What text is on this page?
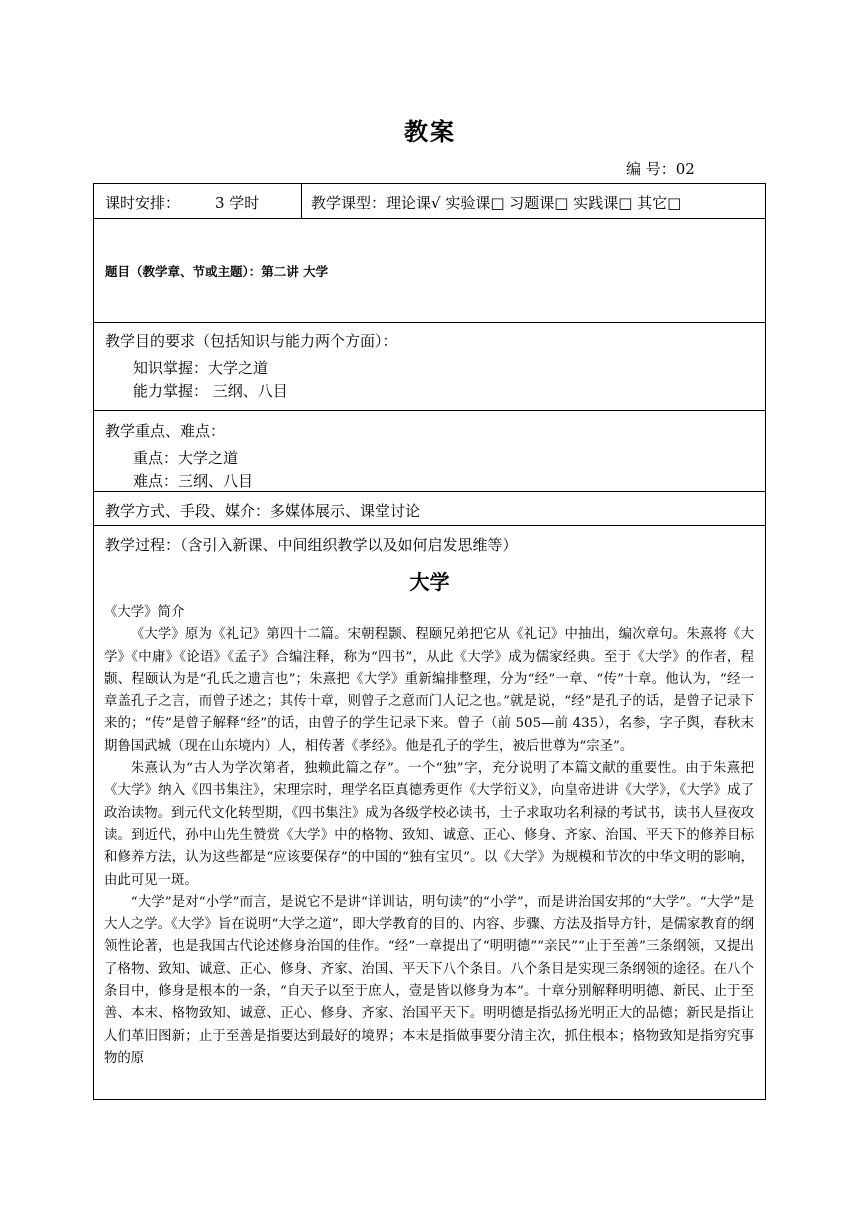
教案
编 号：02
课时安排： 3 学时	教学课型：理论课√ 实验课□ 习题课□ 实践课□ 其它□
题目（教学章、节或主题）：第二讲 大学
教学目的要求（包括知识与能力两个方面）：
知识掌握：大学之道
能力掌握： 三纲、八目
教学重点、难点：
重点：大学之道
难点：三纲、八目
教学方式、手段、媒介：多媒体展示、课堂讨论
教学过程：（含引入新课、中间组织教学以及如何启发思维等）
大学

《大学》简介

《大学》原为《礼记》第四十二篇。宋朝程颢、程颐兄弟把它从《礼记》中抽出，编次章句。朱熹将《大学》《中庸》《论语》《孟子》合编注释，称为“四书”，从此《大学》成为儒家经典。至于《大学》的作者，程颢、程颐认为是“孔氏之遗言也”；朱熹把《大学》重新编排整理，分为“经”一章、“传”十章。他认为，“经一章盖孔子之言，而曾子述之；其传十章，则曾子之意而门人记之也。”就是说，“经”是孔子的话，是曾子记录下来的；“传”是曾子解释“经”的话，由曾子的学生记录下来。曾子（前 505—前 435），名参，字子舆，春秋末期鲁国武城（现在山东境内）人，相传著《孝经》。他是孔子的学生，被后世尊为“宗圣”。

朱熹认为“古人为学次第者，独赖此篇之存”。一个“独”字，充分说明了本篇文献的重要性。由于朱熹把《大学》纳入《四书集注》，宋理宗时，理学名臣真德秀更作《大学衍义》，向皇帝进讲《大学》，《大学》成了政治读物。到元代文化转型期，《四书集注》成为各级学校必读书，士子求取功名利禄的考试书，读书人昼夜攻读。到近代，孙中山先生赞赏《大学》中的格物、致知、诚意、正心、修身、齐家、治国、平天下的修养目标和修养方法，认为这些都是“应该要保存”的中国的“独有宝贝”。以《大学》为规模和节次的中华文明的影响，由此可见一斑。

“大学”是对“小学”而言，是说它不是讲“详训诂，明句读”的“小学”，而是讲治国安邦的“大学”。“大学”是大人之学。《大学》旨在说明“大学之道”，即大学教育的目的、内容、步骤、方法及指导方针，是儒家教育的纲领性论著，也是我国古代论述修身治国的佳作。“经”一章提出了“明明德”“亲民”“止于至善”三条纲领，又提出了格物、致知、诚意、正心、修身、齐家、治国、平天下八个条目。八个条目是实现三条纲领的途径。在八个条目中，修身是根本的一条，“自天子以至于庶人，壹是皆以修身为本”。十章分别解释明明德、新民、止于至善、本末、格物致知、诚意、正心、修身、齐家、治国平天下。明明德是指弘扬光明正大的品德；新民是指让人们革旧图新；止于至善是指要达到最好的境界；本末是指做事要分清主次，抓住根本；格物致知是指穷究事物的原
